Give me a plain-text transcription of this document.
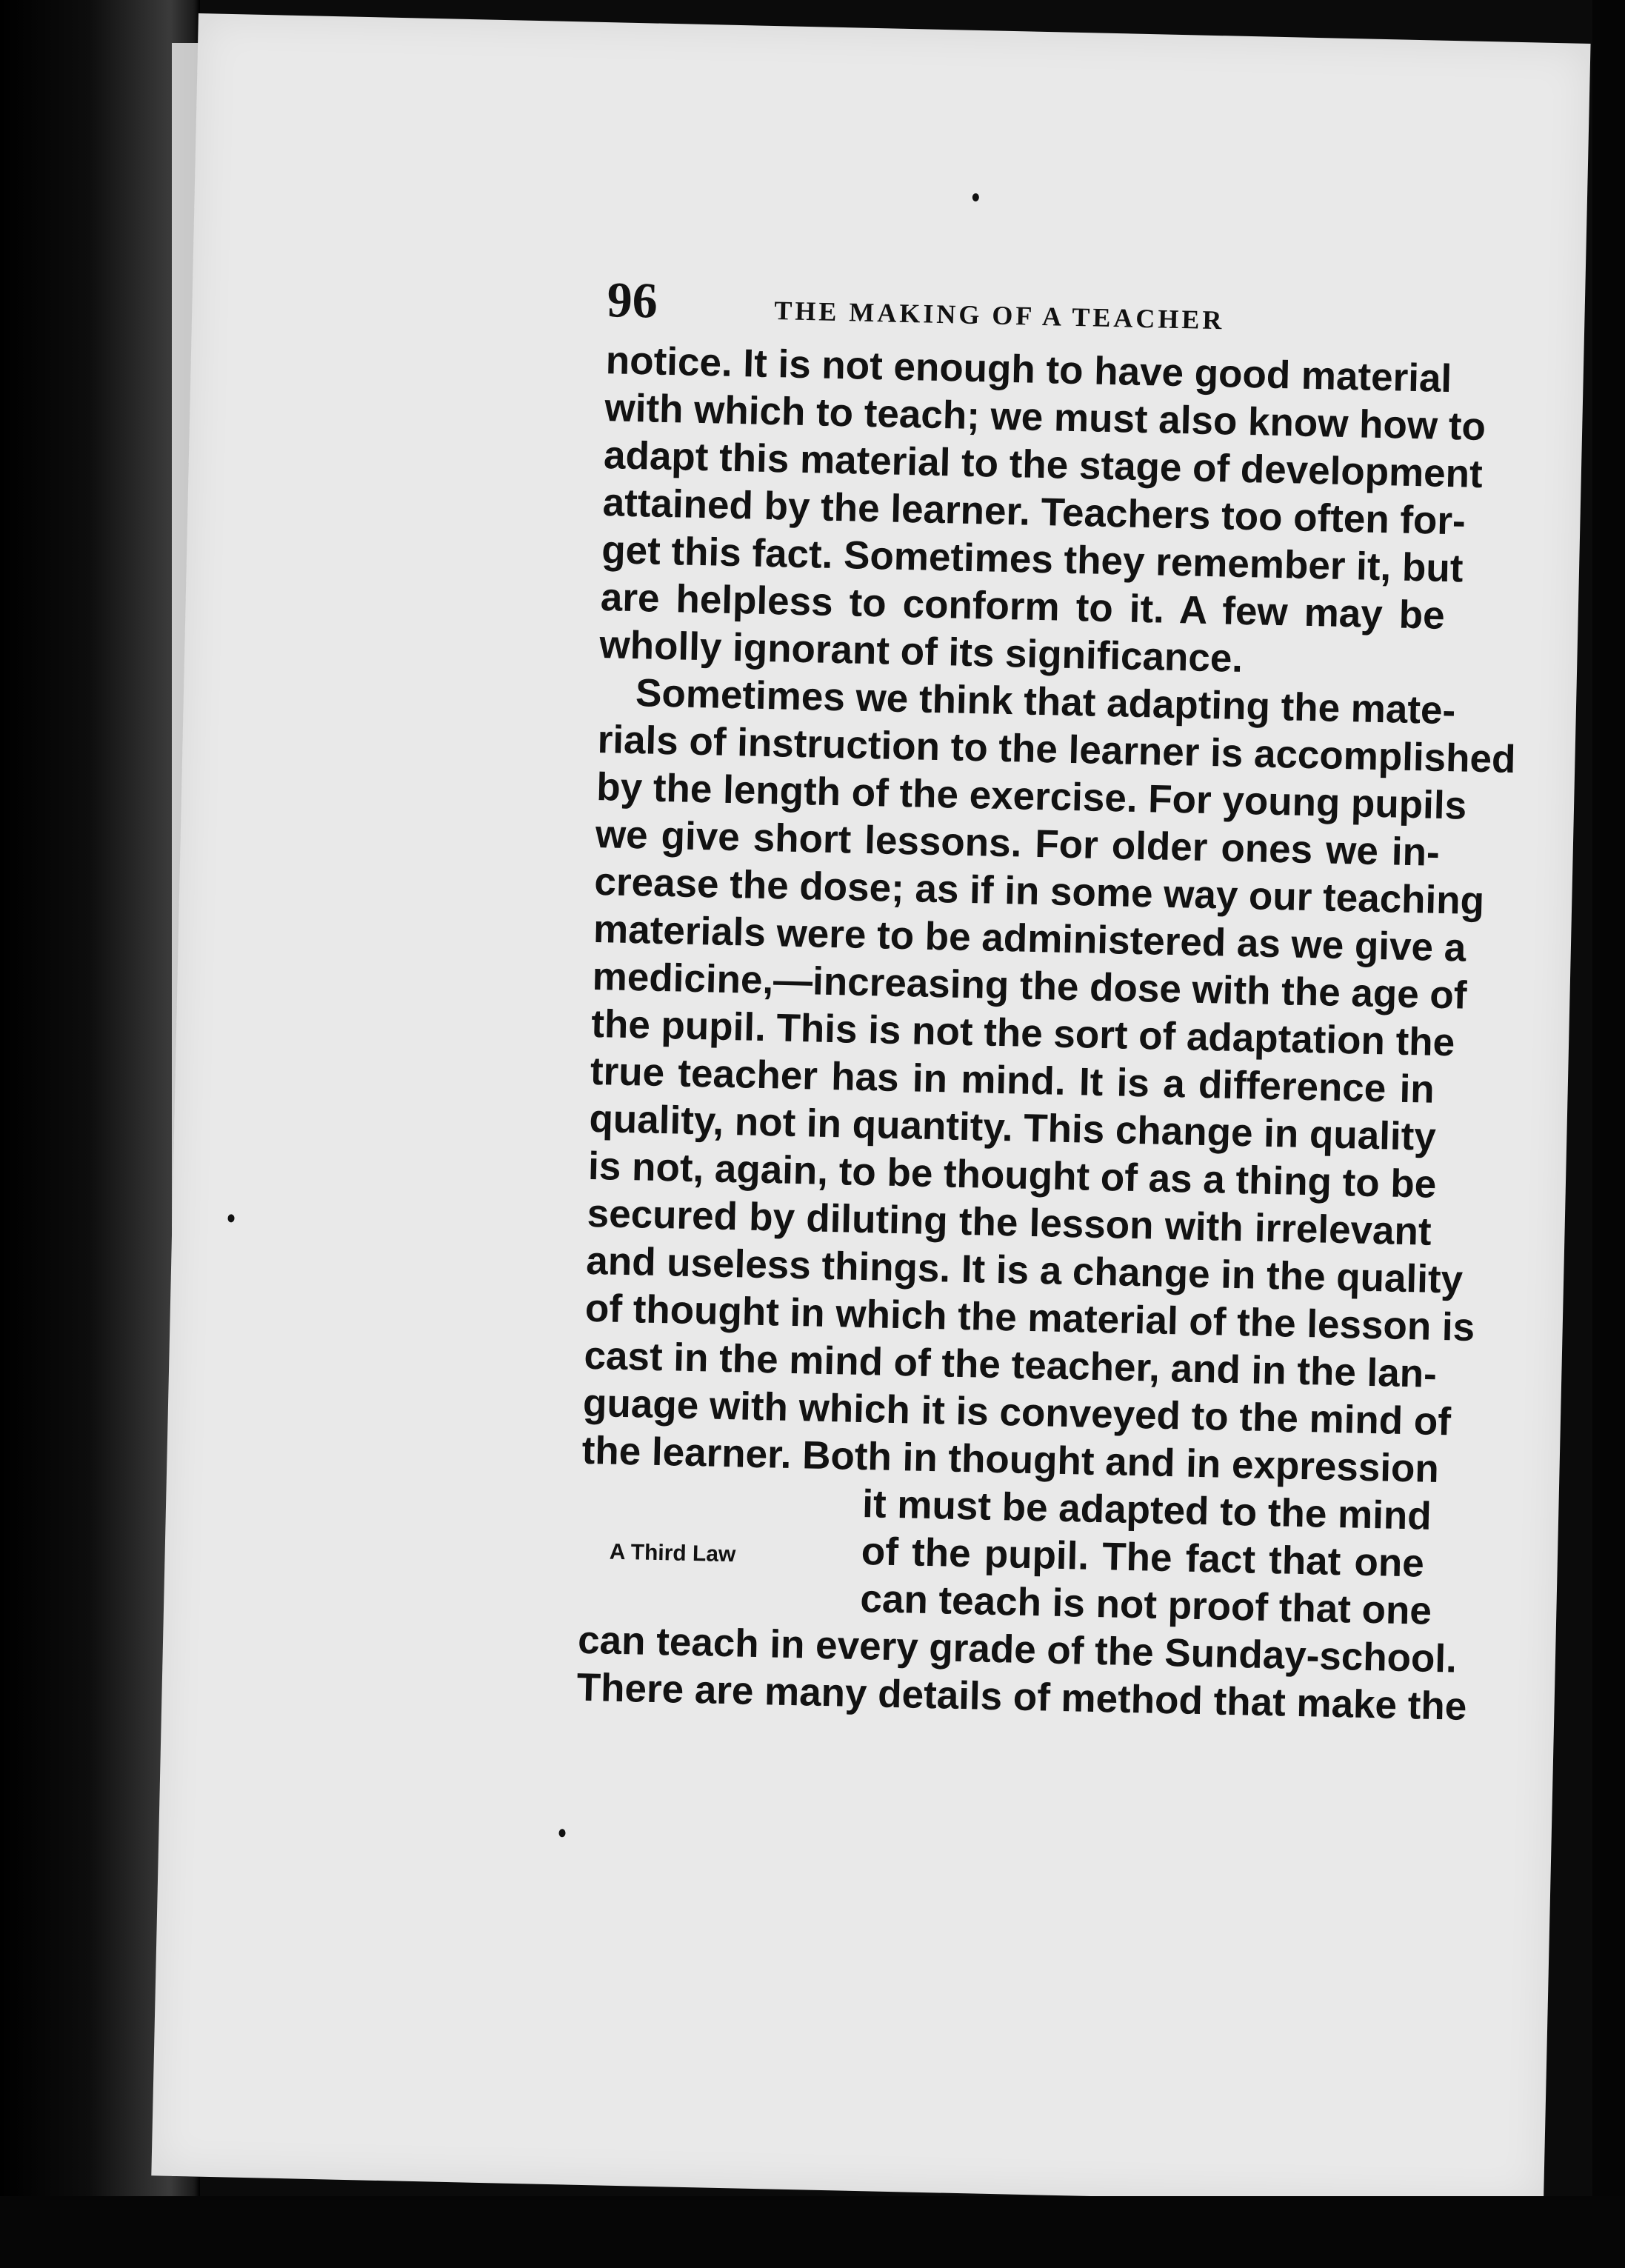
96	THE MAKING OF A TEACHER

notice. It is not enough to have good material
with which to teach; we must also know how to
adapt this material to the stage of development
attained by the learner. Teachers too often for-
get this fact. Sometimes they remember it, but
are helpless to conform to it. A few may be
wholly ignorant of its significance.

Sometimes we think that adapting the mate-
rials of instruction to the learner is accomplished
by the length of the exercise. For young pupils
we give short lessons. For older ones we in-
crease the dose; as if in some way our teaching
materials were to be administered as we give a
medicine,—increasing the dose with the age of
the pupil. This is not the sort of adaptation the
true teacher has in mind. It is a difference in
quality, not in quantity. This change in quality
is not, again, to be thought of as a thing to be
secured by diluting the lesson with irrelevant
and useless things. It is a change in the quality
of thought in which the material of the lesson is
cast in the mind of the teacher, and in the lan-
guage with which it is conveyed to the mind of
the learner. Both in thought and in expression

A Third Law
it must be adapted to the mind
of the pupil. The fact that one
can teach is not proof that one

can teach in every grade of the Sunday-school.
There are many details of method that make the
